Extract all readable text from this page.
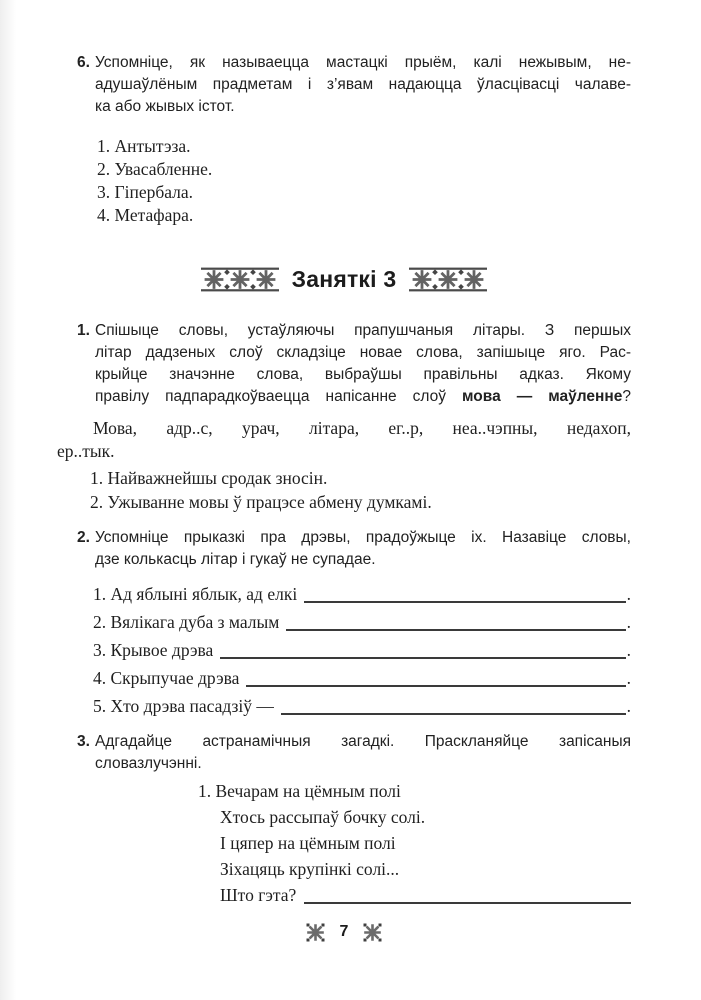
6. Успомніце, як называецца мастацкі прыём, калі нежывым, не-
адушаўлёным прадметам і з’явам надаюцца ўласцівасці чалаве-
ка або жывых істот.
1. Антытэза.
2. Увасабленне.
3. Гіпербала.
4. Метафара.
Заняткі 3
1. Спішыце словы, устаўляючы прапушчаныя літары. З першых
літар дадзеных слоў складзіце новае слова, запішыце яго. Рас-
крыйце значэнне слова, выбраўшы правільны адказ. Якому
правілу падпарадкоўваецца напісанне слоў мова — маўленне?
Мова, адр..с, урач, літара, ег..р, неа..чэпны, недахоп,
ер..тык.
1. Найважнейшы сродак зносін.
2. Ужыванне мовы ў працэсе абмену думкамі.
2. Успомніце прыказкі пра дрэвы, прадоўжыце іх. Назавіце словы,
дзе колькасць літар і гукаў не супадае.
1. Ад яблыні яблык, ад елкі	.
2. Вялікага дуба з малым	.
3. Крывое дрэва	.
4. Скрыпучае дрэва	.
5. Хто дрэва пасадзіў —	.
3. Адгадайце астранамічныя загадкі. Праскланяйце запісаныя
словазлучэнні.
1. Вечарам на цёмным полі
Хтось рассыпаў бочку солі.
І цяпер на цёмным полі
Зіхацяць крупінкі солі...
Што гэта?
7
